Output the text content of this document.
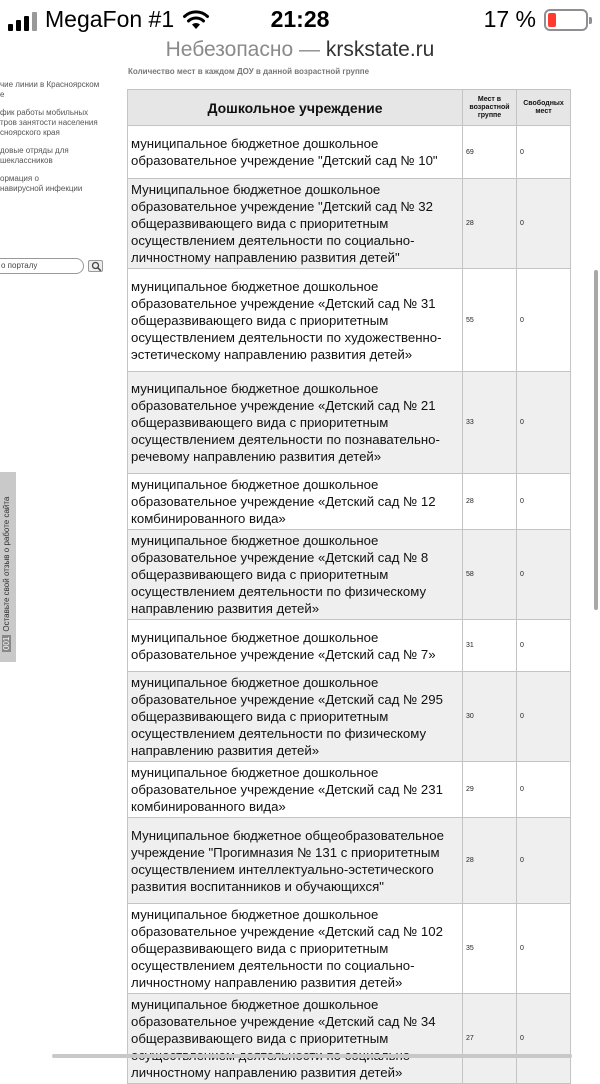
MegaFon #1	21:28	17 %
Небезопасно — krskstate.ru
чие линии в Красноярском
е
фик работы мобильных
тров занятости населения
сноярского края
довые отряды для
шеклассников
ормация о
навирусной инфекции
о порталу
001Оставьте свой отзыв о работе сайта
Количество мест в каждом ДОУ в данной возрастной группе
Дошкольное учреждение	Мест в возрастной группе	Свободных мест
муниципальное бюджетное дошкольное образовательное учреждение "Детский сад № 10"	69	0
Муниципальное бюджетное дошкольное образовательное учреждение "Детский сад № 32 общеразвивающего вида с приоритетным осуществлением деятельности по социально-личностному направлению развития детей"	28	0
муниципальное бюджетное дошкольное образовательное учреждение «Детский сад № 31 общеразвивающего вида с приоритетным осуществлением деятельности по художественно-эстетическому направлению развития детей»	55	0
муниципальное бюджетное дошкольное образовательное учреждение «Детский сад № 21 общеразвивающего вида с приоритетным осуществлением деятельности по познавательно-речевому направлению развития детей»	33	0
муниципальное бюджетное дошкольное образовательное учреждение «Детский сад № 12 комбинированного вида»	28	0
муниципальное бюджетное дошкольное образовательное учреждение «Детский сад № 8 общеразвивающего вида с приоритетным осуществлением деятельности по физическому направлению развития детей»	58	0
муниципальное бюджетное дошкольное образовательное учреждение «Детский сад № 7»	31	0
муниципальное бюджетное дошкольное образовательное учреждение «Детский сад № 295 общеразвивающего вида с приоритетным осуществлением деятельности по физическому направлению развития детей»	30	0
муниципальное бюджетное дошкольное образовательное учреждение «Детский сад № 231 комбинированного вида»	29	0
Муниципальное бюджетное общеобразовательное учреждение "Прогимназия № 131 с приоритетным осуществлением интеллектуально-эстетического развития воспитанников и обучающихся"	28	0
муниципальное бюджетное дошкольное образовательное учреждение «Детский сад № 102 общеразвивающего вида с приоритетным осуществлением деятельности по социально-личностному направлению развития детей»	35	0
муниципальное бюджетное дошкольное образовательное учреждение «Детский сад № 34 общеразвивающего вида с приоритетным личностному направлению развития детей»	27	0
